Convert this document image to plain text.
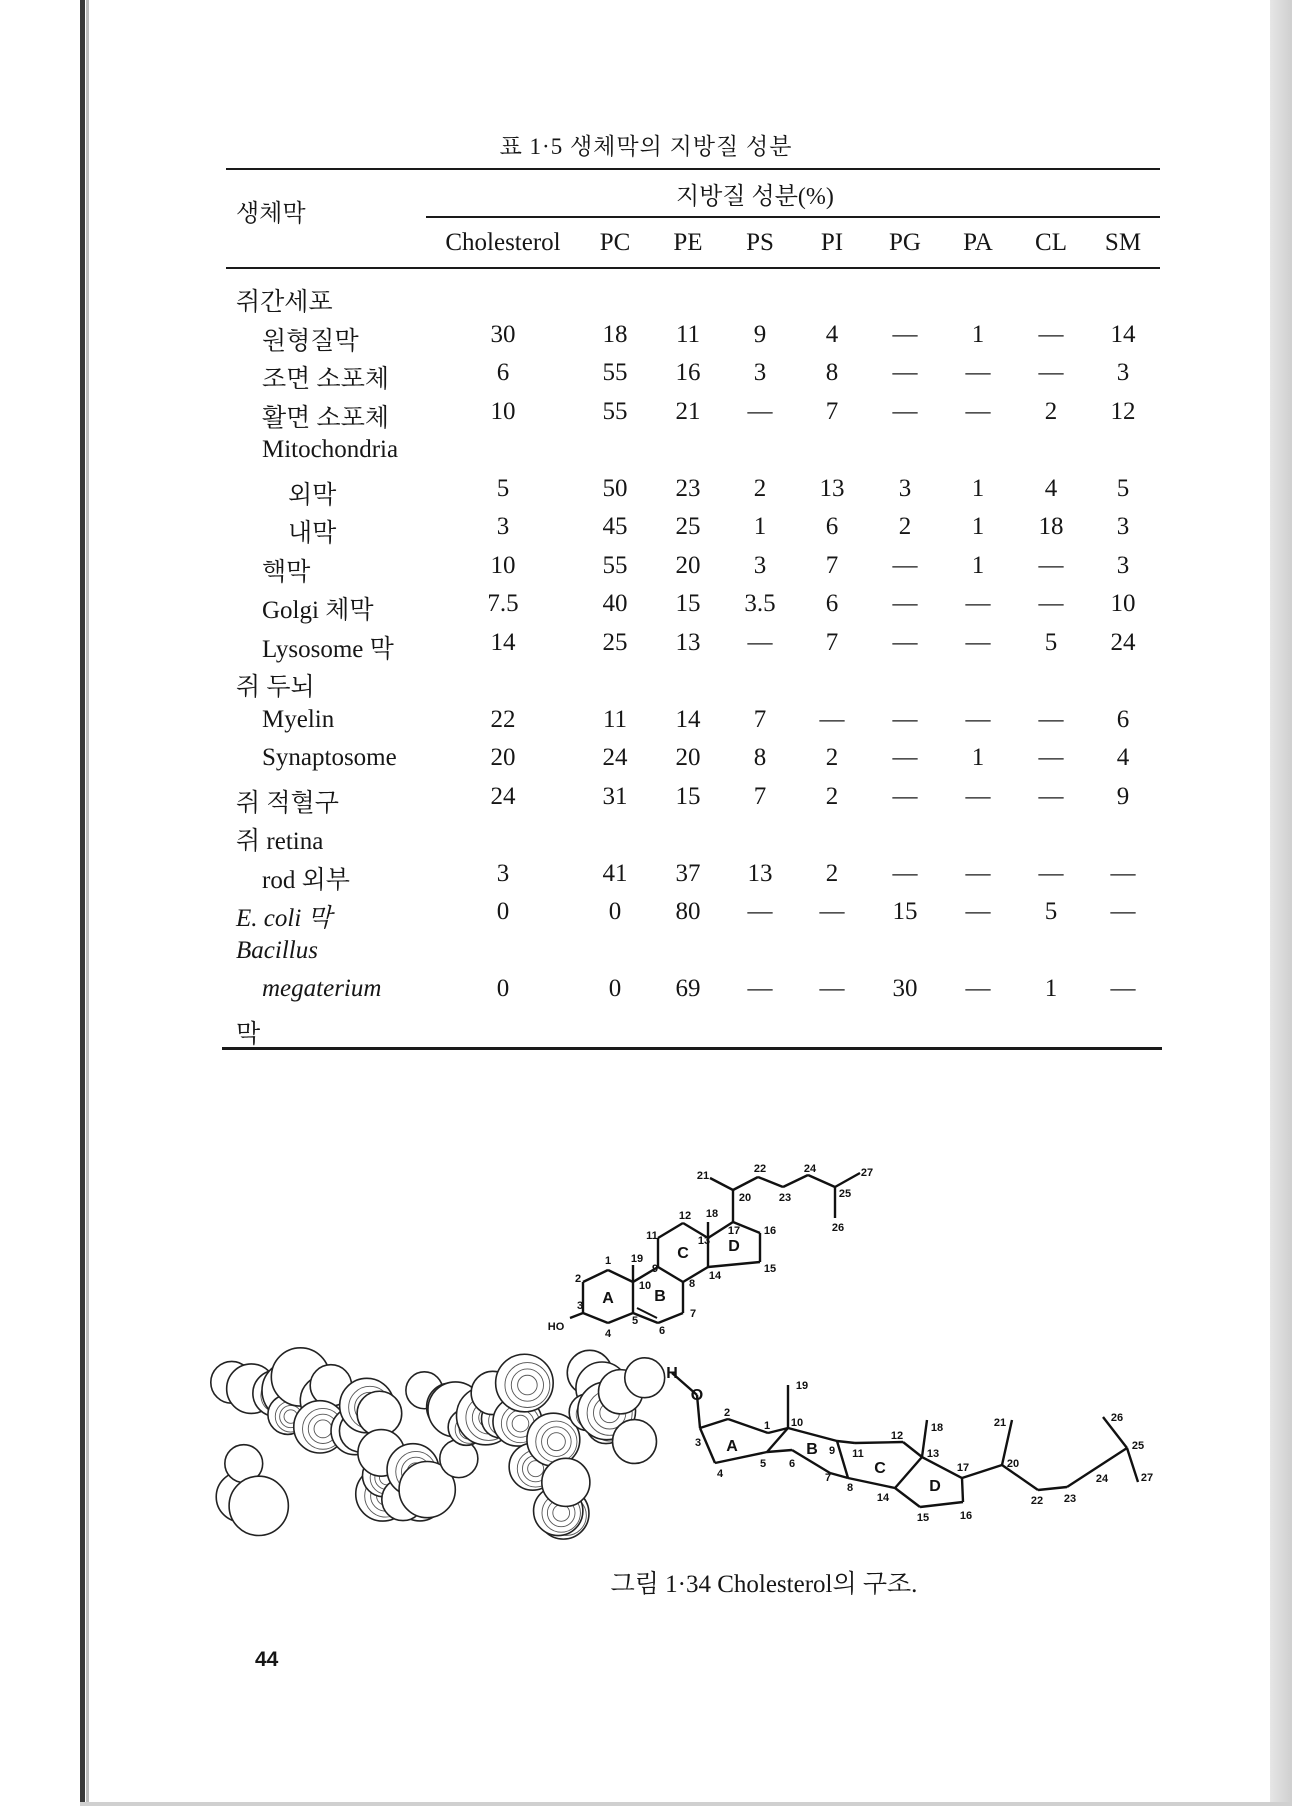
표 1·5 생체막의 지방질 성분
생체막
지방질 성분(%)
Cholesterol	PC	PE	PS	PI	PG	PA	CL	SM
쥐간세포
원형질막	30	18	11	9	4	—	1	—	14
조면 소포체	6	55	16	3	8	—	—	—	3
활면 소포체	10	55	21	—	7	—	—	2	12
Mitochondria
외막	5	50	23	2	13	3	1	4	5
내막	3	45	25	1	6	2	1	18	3
핵막	10	55	20	3	7	—	1	—	3
Golgi 체막	7.5	40	15	3.5	6	—	—	—	10
Lysosome 막	14	25	13	—	7	—	—	5	24
쥐 두뇌
Myelin	22	11	14	7	—	—	—	—	6
Synaptosome	20	24	20	8	2	—	1	—	4
쥐 적혈구	24	31	15	7	2	—	—	—	9
쥐 retina
rod 외부	3	41	37	13	2	—	—	—	—
E. coli 막	0	0	80	—	—	15	—	5	—
Bacillus
megaterium	0	0	69	—	—	30	—	1	—
막
21
22	24	27
20	23	25
26
12 18
11	16
17
13
C D
1 19
9	15
14
2
10	8
A	B
7
3
5
4	6
HO
19
2
1 10	18	21	26
3 A	B 9
12
13
25
11
20
17
5 6	C
4	7	24	27
8	D
14	22 23
15	16
H
O
그림 1·34 Cholesterol의 구조.
44
